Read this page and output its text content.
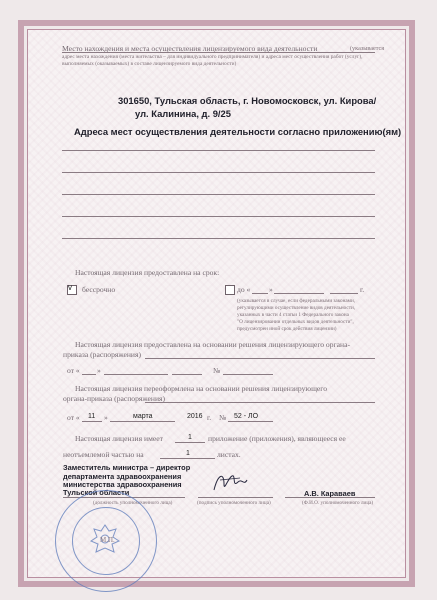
Место нахождения и места осуществления лицензируемого вида деятельности	(указывается
адрес места нахождения (места жительства – для индивидуального предпринимателя) и адреса мест осуществления работ (услуг),
выполняемых (оказываемых) в составе лицензируемого вида деятельности)
301650, Тульская область, г. Новомосковск, ул. Кирова/
ул. Калинина, д. 9/25
Адреса мест осуществления деятельности согласно приложению(ям)
Настоящая лицензия предоставлена на срок:
v бессрочно	до « »	г.
(указывается в случае, если федеральными законами,
регулирующими осуществление видов деятельности,
указанных в части 4 статьи 1 Федерального закона
"О лицензировании отдельных видов деятельности",
предусмотрен иной срок действия лицензии)
Настоящая лицензия предоставлена на основании решения лицензирующего органа-
приказа (распоряжения)
от « »	№
Настоящая лицензия переоформлена на основании решения лицензирующего
органа-приказа (распоряжения)
от « 11 »	марта	2016 г. № 52 - ЛО
Настоящая лицензия имеет	1 приложение (приложения), являющееся ее
неотъемлемой частью на	1	листах.
Заместитель министра – директор
департамента здравоохранения
министерства здравоохранения
Тульской области	А.В. Караваев
(должность уполномоченного лица)	(подпись уполномоченного лица)	(Ф.И.О. уполномоченного лица)
М.П.
